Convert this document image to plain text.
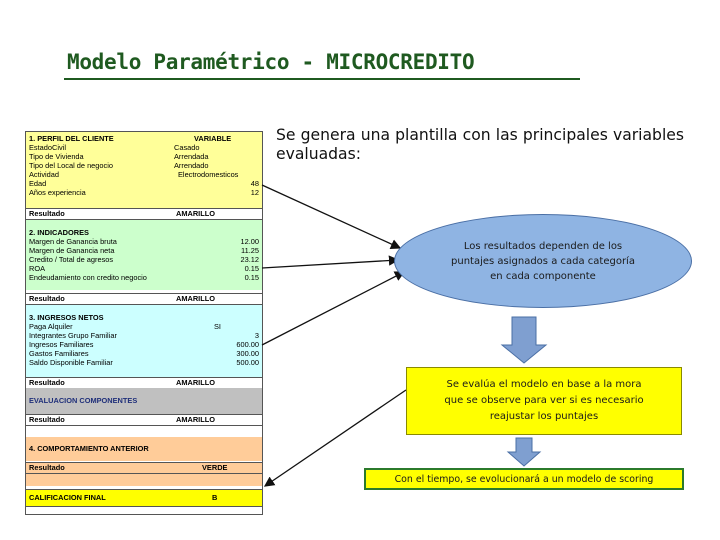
Modelo Paramétrico - MICROCREDITO
1. PERFIL DEL CLIENTE	VARIABLE
EstadoCivil	Casado
Tipo de Vivienda	Arrendada
Tipo del Local de negocio	Arrendado
Actividad	Electrodomesticos
Edad	48
Años experiencia	12
Resultado	AMARILLO
2. INDICADORES
Margen de Ganancia bruta	12.00
Margen de Ganancia neta	11.25
Credito / Total de agresos	23.12
ROA	0.15
Endeudamiento con credito negocio	0.15
Resultado	AMARILLO
3. INGRESOS NETOS
Paga Alquiler	SI
Integrantes Grupo Familiar	3
Ingresos Familiares	600.00
Gastos Familiares	300.00
Saldo Disponible Familiar	500.00
Resultado	AMARILLO
EVALUACION COMPONENTES
Resultado	AMARILLO
4. COMPORTAMIENTO ANTERIOR
Resultado	VERDE
CALIFICACION FINAL	B
Se genera una plantilla con las principales variables evaluadas:
Los resultados dependen de los puntajes asignados a cada categoría en cada componente
Se evalúa el modelo en base a la mora que se observe para ver si es necesario reajustar los puntajes
Con el tiempo, se evolucionará a un modelo de scoring
